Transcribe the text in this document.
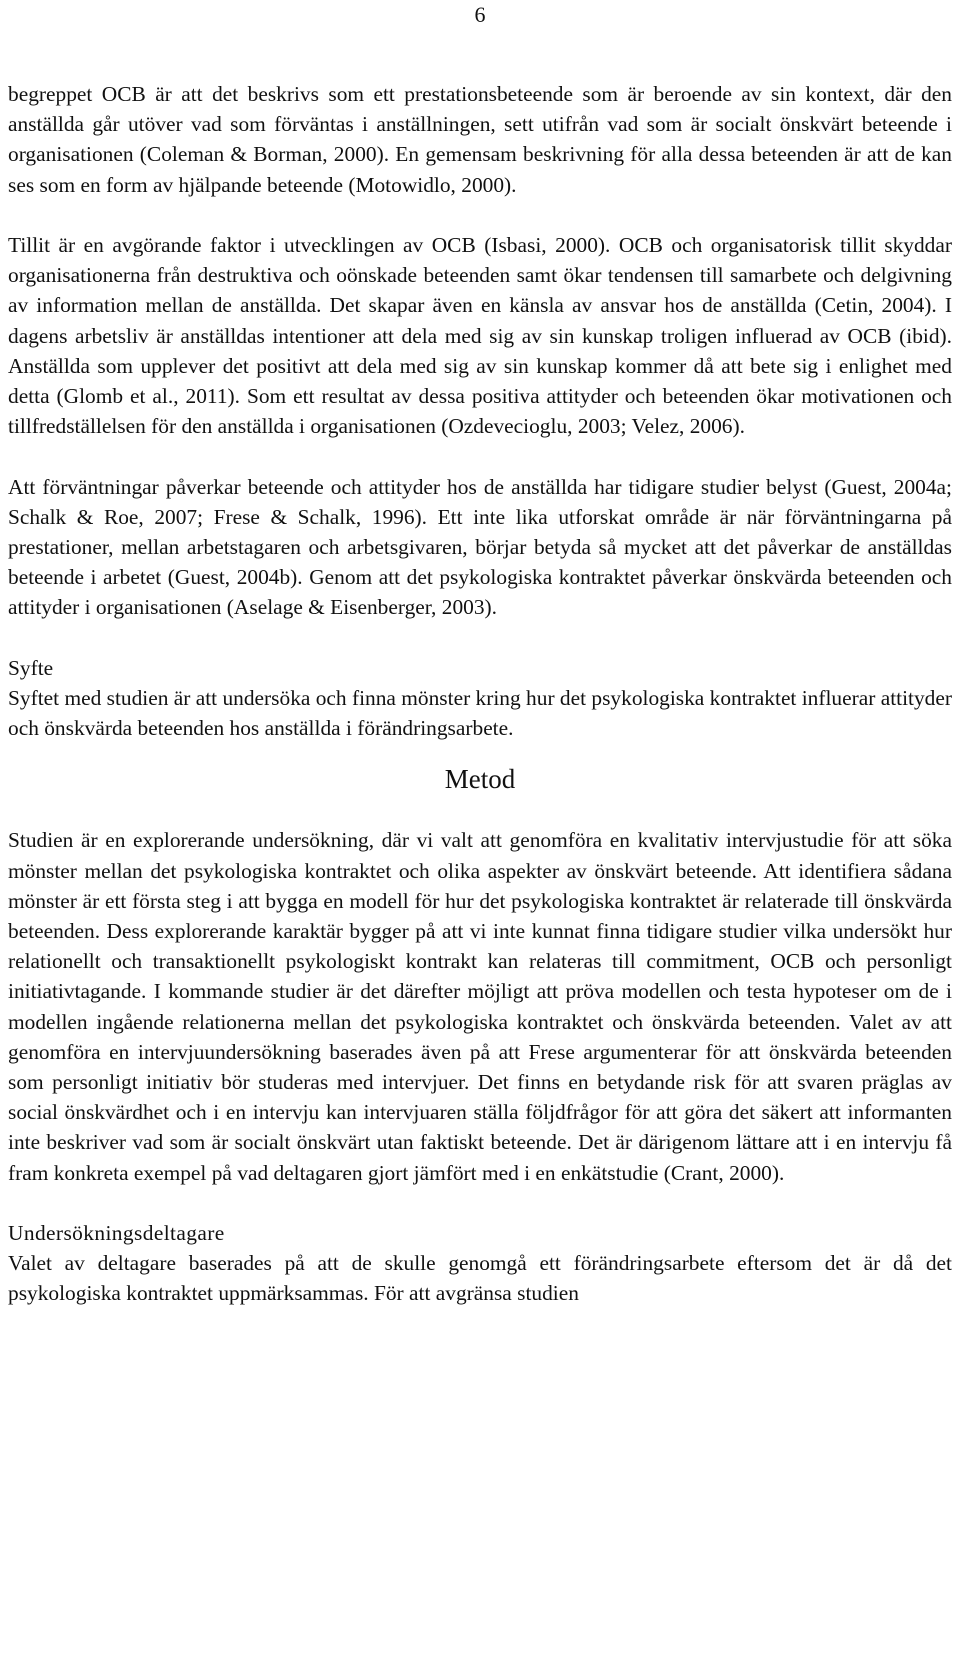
6

begreppet OCB är att det beskrivs som ett prestationsbeteende som är beroende av sin kontext, där den anställda går utöver vad som förväntas i anställningen, sett utifrån vad som är socialt önskvärt beteende i organisationen (Coleman & Borman, 2000). En gemensam beskrivning för alla dessa beteenden är att de kan ses som en form av hjälpande beteende (Motowidlo, 2000).

Tillit är en avgörande faktor i utvecklingen av OCB (Isbasi, 2000). OCB och organisatorisk tillit skyddar organisationerna från destruktiva och oönskade beteenden samt ökar tendensen till samarbete och delgivning av information mellan de anställda. Det skapar även en känsla av ansvar hos de anställda (Cetin, 2004). I dagens arbetsliv är anställdas intentioner att dela med sig av sin kunskap troligen influerad av OCB (ibid). Anställda som upplever det positivt att dela med sig av sin kunskap kommer då att bete sig i enlighet med detta (Glomb et al., 2011). Som ett resultat av dessa positiva attityder och beteenden ökar motivationen och tillfredställelsen för den anställda i organisationen (Ozdevecioglu, 2003; Velez, 2006).

Att förväntningar påverkar beteende och attityder hos de anställda har tidigare studier belyst (Guest, 2004a; Schalk & Roe, 2007; Frese & Schalk, 1996). Ett inte lika utforskat område är när förväntningarna på prestationer, mellan arbetstagaren och arbetsgivaren, börjar betyda så mycket att det påverkar de anställdas beteende i arbetet (Guest, 2004b). Genom att det psykologiska kontraktet påverkar önskvärda beteenden och attityder i organisationen (Aselage & Eisenberger, 2003).

Syfte

Syftet med studien är att undersöka och finna mönster kring hur det psykologiska kontraktet influerar attityder och önskvärda beteenden hos anställda i förändringsarbete.

Metod

Studien är en explorerande undersökning, där vi valt att genomföra en kvalitativ intervjustudie för att söka mönster mellan det psykologiska kontraktet och olika aspekter av önskvärt beteende. Att identifiera sådana mönster är ett första steg i att bygga en modell för hur det psykologiska kontraktet är relaterade till önskvärda beteenden. Dess explorerande karaktär bygger på att vi inte kunnat finna tidigare studier vilka undersökt hur relationellt och transaktionellt psykologiskt kontrakt kan relateras till commitment, OCB och personligt initiativtagande. I kommande studier är det därefter möjligt att pröva modellen och testa hypoteser om de i modellen ingående relationerna mellan det psykologiska kontraktet och önskvärda beteenden. Valet av att genomföra en intervjuundersökning baserades även på att Frese argumenterar för att önskvärda beteenden som personligt initiativ bör studeras med intervjuer. Det finns en betydande risk för att svaren präglas av social önskvärdhet och i en intervju kan intervjuaren ställa följdfrågor för att göra det säkert att informanten inte beskriver vad som är socialt önskvärt utan faktiskt beteende. Det är därigenom lättare att i en intervju få fram konkreta exempel på vad deltagaren gjort jämfört med i en enkätstudie (Crant, 2000).

Undersökningsdeltagare

Valet av deltagare baserades på att de skulle genomgå ett förändringsarbete eftersom det är då det psykologiska kontraktet uppmärksammas. För att avgränsa studien
